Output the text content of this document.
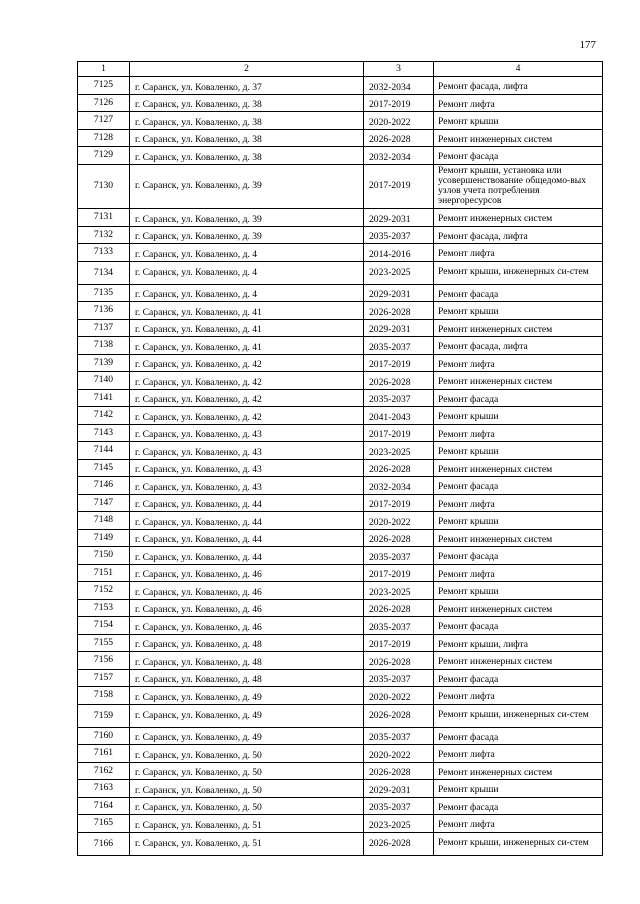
177
1	2	3	4
7125	г. Саранск, ул. Коваленко, д. 37	2032-2034	Ремонт фасада, лифта
7126	г. Саранск, ул. Коваленко, д. 38	2017-2019	Ремонт лифта
7127	г. Саранск, ул. Коваленко, д. 38	2020-2022	Ремонт крыши
7128	г. Саранск, ул. Коваленко, д. 38	2026-2028	Ремонт инженерных систем
7129	г. Саранск, ул. Коваленко, д. 38	2032-2034	Ремонт фасада
7130	г. Саранск, ул. Коваленко, д. 39	2017-2019	Ремонт крыши, установка или усовершенствование общедомо-вых узлов учета потребления энергоресурсов
7131	г. Саранск, ул. Коваленко, д. 39	2029-2031	Ремонт инженерных систем
7132	г. Саранск, ул. Коваленко, д. 39	2035-2037	Ремонт фасада, лифта
7133	г. Саранск, ул. Коваленко, д. 4	2014-2016	Ремонт лифта
7134	г. Саранск, ул. Коваленко, д. 4	2023-2025	Ремонт крыши, инженерных си-стем
7135	г. Саранск, ул. Коваленко, д. 4	2029-2031	Ремонт фасада
7136	г. Саранск, ул. Коваленко, д. 41	2026-2028	Ремонт крыши
7137	г. Саранск, ул. Коваленко, д. 41	2029-2031	Ремонт инженерных систем
7138	г. Саранск, ул. Коваленко, д. 41	2035-2037	Ремонт фасада, лифта
7139	г. Саранск, ул. Коваленко, д. 42	2017-2019	Ремонт лифта
7140	г. Саранск, ул. Коваленко, д. 42	2026-2028	Ремонт инженерных систем
7141	г. Саранск, ул. Коваленко, д. 42	2035-2037	Ремонт фасада
7142	г. Саранск, ул. Коваленко, д. 42	2041-2043	Ремонт крыши
7143	г. Саранск, ул. Коваленко, д. 43	2017-2019	Ремонт лифта
7144	г. Саранск, ул. Коваленко, д. 43	2023-2025	Ремонт крыши
7145	г. Саранск, ул. Коваленко, д. 43	2026-2028	Ремонт инженерных систем
7146	г. Саранск, ул. Коваленко, д. 43	2032-2034	Ремонт фасада
7147	г. Саранск, ул. Коваленко, д. 44	2017-2019	Ремонт лифта
7148	г. Саранск, ул. Коваленко, д. 44	2020-2022	Ремонт крыши
7149	г. Саранск, ул. Коваленко, д. 44	2026-2028	Ремонт инженерных систем
7150	г. Саранск, ул. Коваленко, д. 44	2035-2037	Ремонт фасада
7151	г. Саранск, ул. Коваленко, д. 46	2017-2019	Ремонт лифта
7152	г. Саранск, ул. Коваленко, д. 46	2023-2025	Ремонт крыши
7153	г. Саранск, ул. Коваленко, д. 46	2026-2028	Ремонт инженерных систем
7154	г. Саранск, ул. Коваленко, д. 46	2035-2037	Ремонт фасада
7155	г. Саранск, ул. Коваленко, д. 48	2017-2019	Ремонт крыши, лифта
7156	г. Саранск, ул. Коваленко, д. 48	2026-2028	Ремонт инженерных систем
7157	г. Саранск, ул. Коваленко, д. 48	2035-2037	Ремонт фасада
7158	г. Саранск, ул. Коваленко, д. 49	2020-2022	Ремонт лифта
7159	г. Саранск, ул. Коваленко, д. 49	2026-2028	Ремонт крыши, инженерных си-стем
7160	г. Саранск, ул. Коваленко, д. 49	2035-2037	Ремонт фасада
7161	г. Саранск, ул. Коваленко, д. 50	2020-2022	Ремонт лифта
7162	г. Саранск, ул. Коваленко, д. 50	2026-2028	Ремонт инженерных систем
7163	г. Саранск, ул. Коваленко, д. 50	2029-2031	Ремонт крыши
7164	г. Саранск, ул. Коваленко, д. 50	2035-2037	Ремонт фасада
7165	г. Саранск, ул. Коваленко, д. 51	2023-2025	Ремонт лифта
7166	г. Саранск, ул. Коваленко, д. 51	2026-2028	Ремонт крыши, инженерных си-стем
